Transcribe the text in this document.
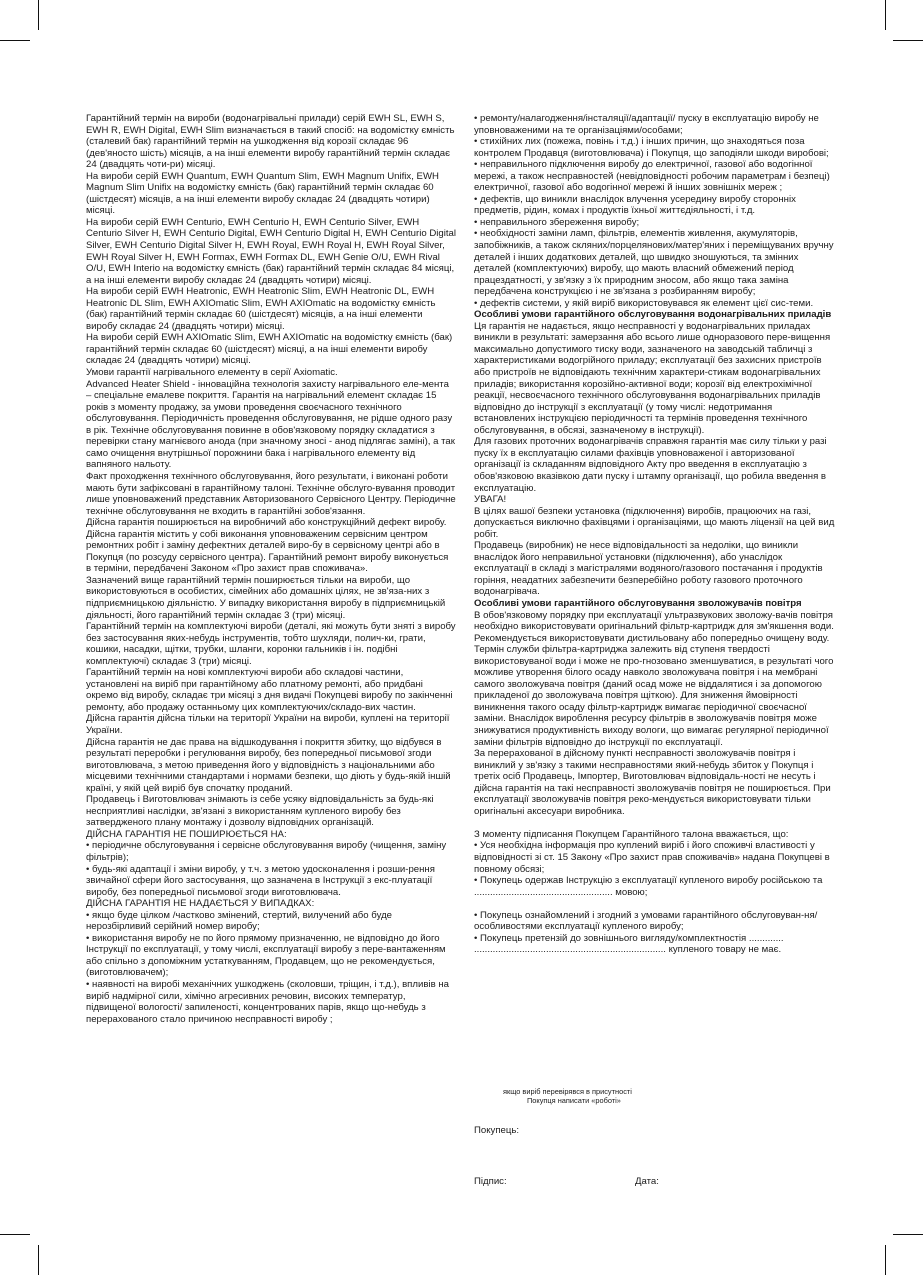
Гарантійний термін на вироби (водонагрівальні прилади) серій EWH SL, EWH S, EWH R, EWH Digital, EWH Slim визначається в такий спосіб: на водомістку ємність (сталевий бак) гарантійний термін на ушкодження від корозії складає 96 (дев'яносто шість) місяців, а на інші елементи виробу гарантійний термін складає 24 (двадцять чоти-ри) місяці.

На вироби серій EWH Quantum, EWH Quantum Slim, EWH Magnum Unifix, EWH Magnum Slim Unifix на водомістку ємність (бак) гарантійний термін складає 60 (шістдесят) місяців, а на інші елементи виробу складає 24 (двадцять чотири) місяці.

На вироби серій EWH Centurio, EWH Centurio H, EWH Centurio Silver, EWH Centurio Silver H, EWH Centurio Digital, EWH Centurio Digital H, EWH Centurio Digital Silver, EWH Centurio Digital Silver H, EWH Royal, EWH Royal H, EWH Royal Silver, EWH Royal Silver H, EWH Formax, EWH Formax DL, EWH Genie O/U, EWH Rival O/U, EWH Interio на водомістку ємність (бак) гарантійний термін складає 84 місяці, а на інші елементи виробу складає 24 (двадцять чотири) місяці.

На вироби серій EWH Heatronic, EWH Heatronic Slim, EWH Heatronic DL, EWH Heatronic DL Slim, EWH AXIOmatic Slim, EWH AXIOmatic на водомістку ємність (бак) гарантійний термін складає 60 (шістдесят) місяців, а на інші елементи виробу складає 24 (двадцять чотири) місяці.

На вироби серій EWH AXIOmatic Slim, EWH AXIOmatic на водомістку ємність (бак) гарантійний термін складає 60 (шістдесят) місяці, а на інші елементи виробу складає 24 (двадцять чотири) місяці.

Умови гарантії нагрівального елементу в серії Axiomatic.

Advanced Heater Shield - інноваційна технологія захисту нагрівального еле-мента – спеціальне емалеве покриття. Гарантія на нагрівальний елемент складає 15 років з моменту продажу, за умови проведення своєчасного технічного обслуговування. Періодичність проведення обслуговування, не рідше одного разу в рік. Технічне обслуговування повинне в обов'язковому порядку складатися з перевірки стану магнієвого анода (при значному зносі - анод підлягає заміні), а так само очищення внутрішньої порожнини бака і нагрівального елементу від вапняного нальоту.

Факт проходження технічного обслуговування, його результати, і виконані роботи мають бути зафіксовані в гарантійному талоні. Технічне обслуго-вування проводит лише уповноважений представник Авторизованого Сервісного Центру. Періодичне технічне обслуговування не входить в гарантійні зобов'язання.

Дійсна гарантія поширюється на виробничий або конструкційний дефект виробу. Дійсна гарантія містить у собі виконання уповноваженим сервісним центром ремонтних робіт і заміну дефектних деталей виро-бу в сервісному центрі або в Покупця (по розсуду сервісного центра). Гарантійний ремонт виробу виконується в терміни, передбачені Законом «Про захист прав споживача».

Зазначений вище гарантійний термін поширюється тільки на вироби, що використовуються в особистих, сімейних або домашніх цілях, не зв'яза-них з підприємницькою діяльністю. У випадку використання виробу в підприємницькій діяльності, його гарантійний термін складає 3 (три) місяці.

Гарантійний термін на комплектуючі вироби (деталі, які можуть бути зняті з виробу без застосування яких-небудь інструментів, тобто шухляди, полич-ки, грати, кошики, насадки, щітки, трубки, шланги, коронки гальників і ін. подібні комплектуючі) складає 3 (три) місяці.

Гарантійний термін на нові комплектуючі вироби або складові частини, установлені на виріб при гарантійному або платному ремонті, або придбані окремо від виробу, складає три місяці з дня видачі Покупцеві виробу по закінченні ремонту, або продажу останньому цих комплектуючих/складо-вих частин.

Дійсна гарантія дійсна тільки на території України на вироби, куплені на території України.

Дійсна гарантія не дає права на відшкодування і покриття збитку, що відбувся в результаті переробки і регулювання виробу, без попередньої письмової згоди виготовлювача, з метою приведення його у відповідність з національними або місцевими технічними стандартами і нормами безпеки, що діють у будь-якій іншій країні, у якій цей виріб був спочатку проданий.

Продавець і Виготовлювач знімають із себе усяку відповідальність за будь-які несприятливі наслідки, зв'язані з використанням купленого виробу без затвердженого плану монтажу і дозволу відповідних організацій.

ДІЙСНА ГАРАНТІЯ НЕ ПОШИРЮЄТЬСЯ НА:

• періодичне обслуговування і сервісне обслуговування виробу (чищення, заміну фільтрів);

• будь-які адаптації і зміни виробу, у т.ч. з метою удосконалення і розши-рення звичайної сфери його застосування, що зазначена в Інструкції з екс-плуатації виробу, без попередньої письмової згоди виготовлювача.

ДІЙСНА ГАРАНТІЯ НЕ НАДАЄТЬСЯ У ВИПАДКАХ:

• якщо буде цілком /частково змінений, стертий, вилучений або буде нерозбірливий серійний номер виробу;

• використання виробу не по його прямому призначенню, не відповідно до його Інструкції по експлуатації, у тому числі, експлуатації виробу з пере-вантаженням або спільно з допоміжним устаткуванням, Продавцем, що не рекомендується, (виготовлювачем);

• наявності на виробі механічних ушкоджень (сколовши, тріщин, і т.д.), впливів на виріб надмірної сили, хімічно агресивних речовин, високих температур, підвищеної вологості/ запиленості, концентрованих парів, якщо що-небудь з перерахованого стало причиною несправності виробу ;

• ремонту/налагодження/інсталяції/адаптації/ пуску в експлуатацію виробу не уповноваженими на те організаціями/особами;

• стихійних лих (пожежа, повінь і т.д.) і інших причин, що знаходяться поза контролем Продавця (виготовлювача) і Покупця, що заподіяли шкоди виробові;

• неправильного підключення виробу до електричної, газової або водогінної мережі, а також несправностей (невідповідності робочим параметрам і безпеці) електричної, газової або водогінної мережі й інших зовнішніх мереж ;

• дефектів, що виникли внаслідок влучення усередину виробу сторонніх предметів, рідин, комах і продуктів їхньої життєдіяльності, і т.д.

• неправильного збереження виробу;

• необхідності заміни ламп, фільтрів, елементів живлення, акумуляторів, запобіжників, а також скляних/порцелянових/матер'яних і переміщуваних вручну деталей і інших додаткових деталей, що швидко зношуються, та змінних деталей (комплектуючих) виробу, що мають власний обмежений період працездатності, у зв'язку з їх природним зносом, або якщо така заміна передбачена конструкцією і не зв'язана з розбиранням виробу;

• дефектів системи, у якій виріб використовувався як елемент цієї сис-теми.

Особливі умови гарантійного обслуговування водонагрівальних приладів

Ця гарантія не надається, якщо несправності у водонагрівальних приладах виникли в результаті: замерзання або всього лише одноразового пере-вищення максимально допустимого тиску води, зазначеного на заводській табличці з характеристиками водогрійного приладу; експлуатації без захисних пристроїв або пристроїв не відповідають технічним характери-стикам водонагрівальних приладів; використання корозійно-активної води; корозії від електрохімічної реакції, несвоєчасного технічного обслуговування водонагрівальних приладів відповідно до інструкції з експлуатації (у тому числі: недотримання встановлених інструкцією періодичності та термінів проведення технічного обслуговування, в обсязі, зазначеному в інструкції).

Для газових проточних водонагрівачів справжня гарантія має силу тільки у разі пуску їх в експлуатацію силами фахівців уповноваженої і авторизованої організації із складанням відповідного Акту про введення в експлуатацію з обов'язковою вказівкою дати пуску і штампу організації, що робила введення в експлуатацію.

УВАГА!

В цілях вашої безпеки установка (підключення) виробів, працюючих на газі, допускається виключно фахівцями і організаціями, що мають ліцензії на цей вид робіт.

Продавець (виробник) не несе відповідальності за недоліки, що виникли внаслідок його неправильної установки (підключення), або унаслідок експлуатації в складі з магістралями водяного/газового постачання і продуктів горіння, неадатних забезпечити безперебійно роботу газового проточного водонагрівача.

Особливі умови гарантійного обслуговування зволожувачів повітря

В обов'язковому порядку при експлуатації ультразвукових зволожу-вачів повітря необхідно використовувати оригінальний фільтр-картридж для зм'якшення води. Рекомендується використовувати дистильовану або попередньо очищену воду. Термін служби фільтра-картриджа залежить від ступеня твердості використовуваної води і може не про-гнозовано зменшуватися, в результаті чого можливе утворення білого осаду навколо зволожувача повітря і на мембрані самого зволожувача повітря (даний осад може не віддалятися і за допомогою прикладеної до зволожувача повітря щіткою). Для зниження ймовірності виникнення такого осаду фільтр-картридж вимагає періодичної своєчасної заміни. Внаслідок вироблення ресурсу фільтрів в зволожувачів повітря може знижуватися продуктивність виходу вологи, що вимагає регулярної періодичної заміни фільтрів відповідно до інструкції по експлуатації.

За перерахованої в дійсному пункті несправності зволожувачів повітря і виниклий у зв'язку з такими несправностями який-небудь збиток у Покупця і третіх осіб Продавець, Імпортер, Виготовлювач відповідаль-ності не несуть і дійсна гарантія на такі несправності зволожувачів повітря не поширюється. При експлуатації зволожувачів повітря реко-мендується використовувати тільки оригінальні аксесуари виробника.

З моменту підписання Покупцем Гарантійного талона вважається, що:

• Уся необхідна інформація про куплений виріб і його споживчі властивості у відповідності зі ст. 15 Закону «Про захист прав споживачів» надана Покупцеві в повному обсязі;

• Покупець одержав Інструкцію з експлуатації купленого виробу російською та .................................................... мовою;

• Покупець ознайомлений і згодний з умовами гарантійного обслуговуван-ня/особливостями експлуатації купленого виробу;

• Покупець претензій до зовнішнього вигляду/комплектностія ............. ........................................................................ купленого товару не має.

якщо виріб перевірявся в присутності
Покупця написати «роботі»
Покупець:
Підпис:	Дата:
